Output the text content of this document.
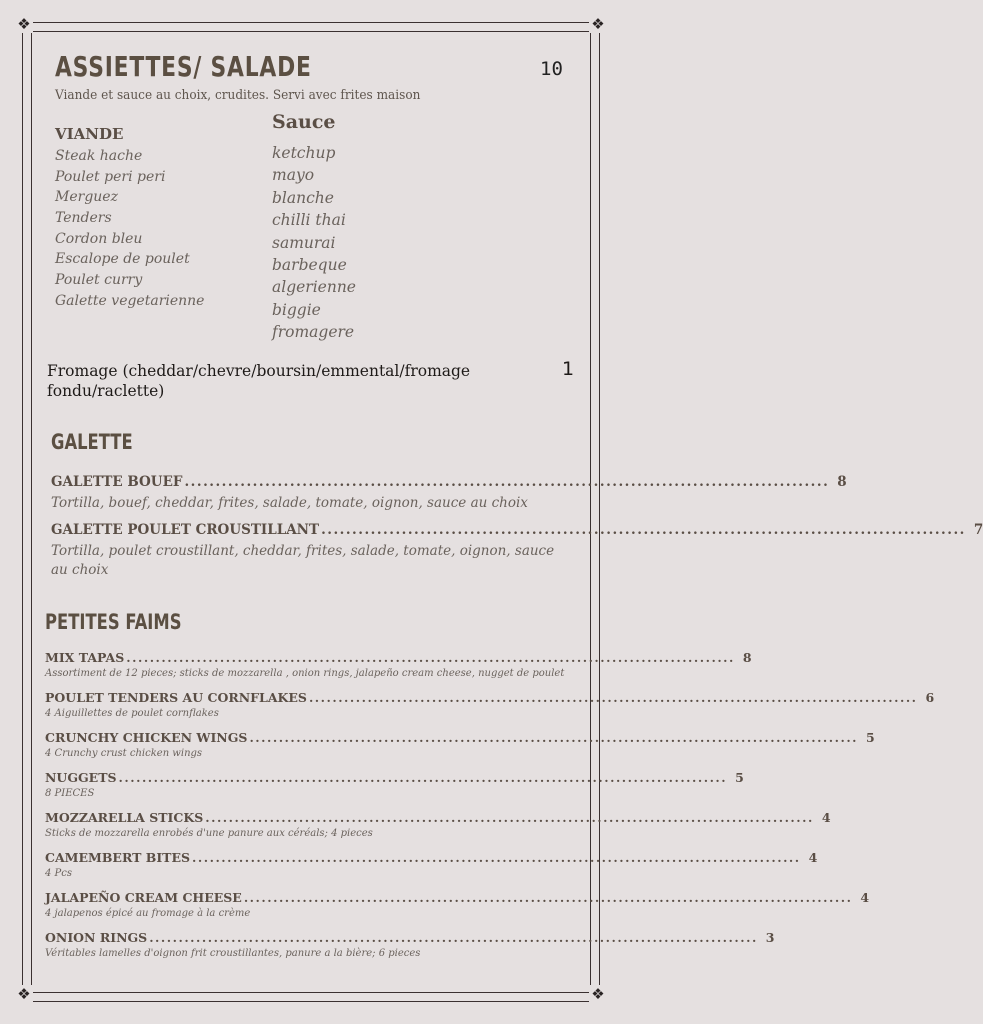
❖	❖
❖	❖
ASSIETTES/ SALADE	10
Viande et sauce au choix, crudites. Servi avec frites maison
VIANDE
Steak hache
Poulet peri peri
Merguez
Tenders
Cordon bleu
Escalope de poulet
Poulet curry
Galette vegetarienne
Sauce
ketchup
mayo
blanche
chilli thai
samurai
barbeque
algerienne
biggie
fromagere
Fromage (cheddar/chevre/boursin/emmental/fromage fondu/raclette)
1
GALETTE
GALETTE BOUEF ........................................................................................................ 8
Tortilla, bouef, cheddar, frites, salade, tomate, oignon, sauce au choix
GALETTE POULET CROUSTILLANT ........................................................................................................ 7
Tortilla, poulet croustillant, cheddar, frites, salade, tomate, oignon, sauce au choix
PETITES FAIMS
MIX TAPAS ........................................................................................................ 8
Assortiment de 12 pieces; sticks de mozzarella , onion rings, jalapeño cream cheese, nugget de poulet
POULET TENDERS AU CORNFLAKES ........................................................................................................ 6
4 Aiguillettes de poulet cornflakes
CRUNCHY CHICKEN WINGS ........................................................................................................ 5
4 Crunchy crust chicken wings
NUGGETS ........................................................................................................ 5
8 PIECES
MOZZARELLA STICKS ........................................................................................................ 4
Sticks de mozzarella enrobés d'une panure aux céréals; 4 pieces
CAMEMBERT BITES ........................................................................................................ 4
4 Pcs
JALAPEÑO CREAM CHEESE ........................................................................................................ 4
4 jalapenos épicé au fromage à la crème
ONION RINGS ........................................................................................................ 3
Véritables lamelles d'oignon frit croustillantes, panure a la bière; 6 pieces
